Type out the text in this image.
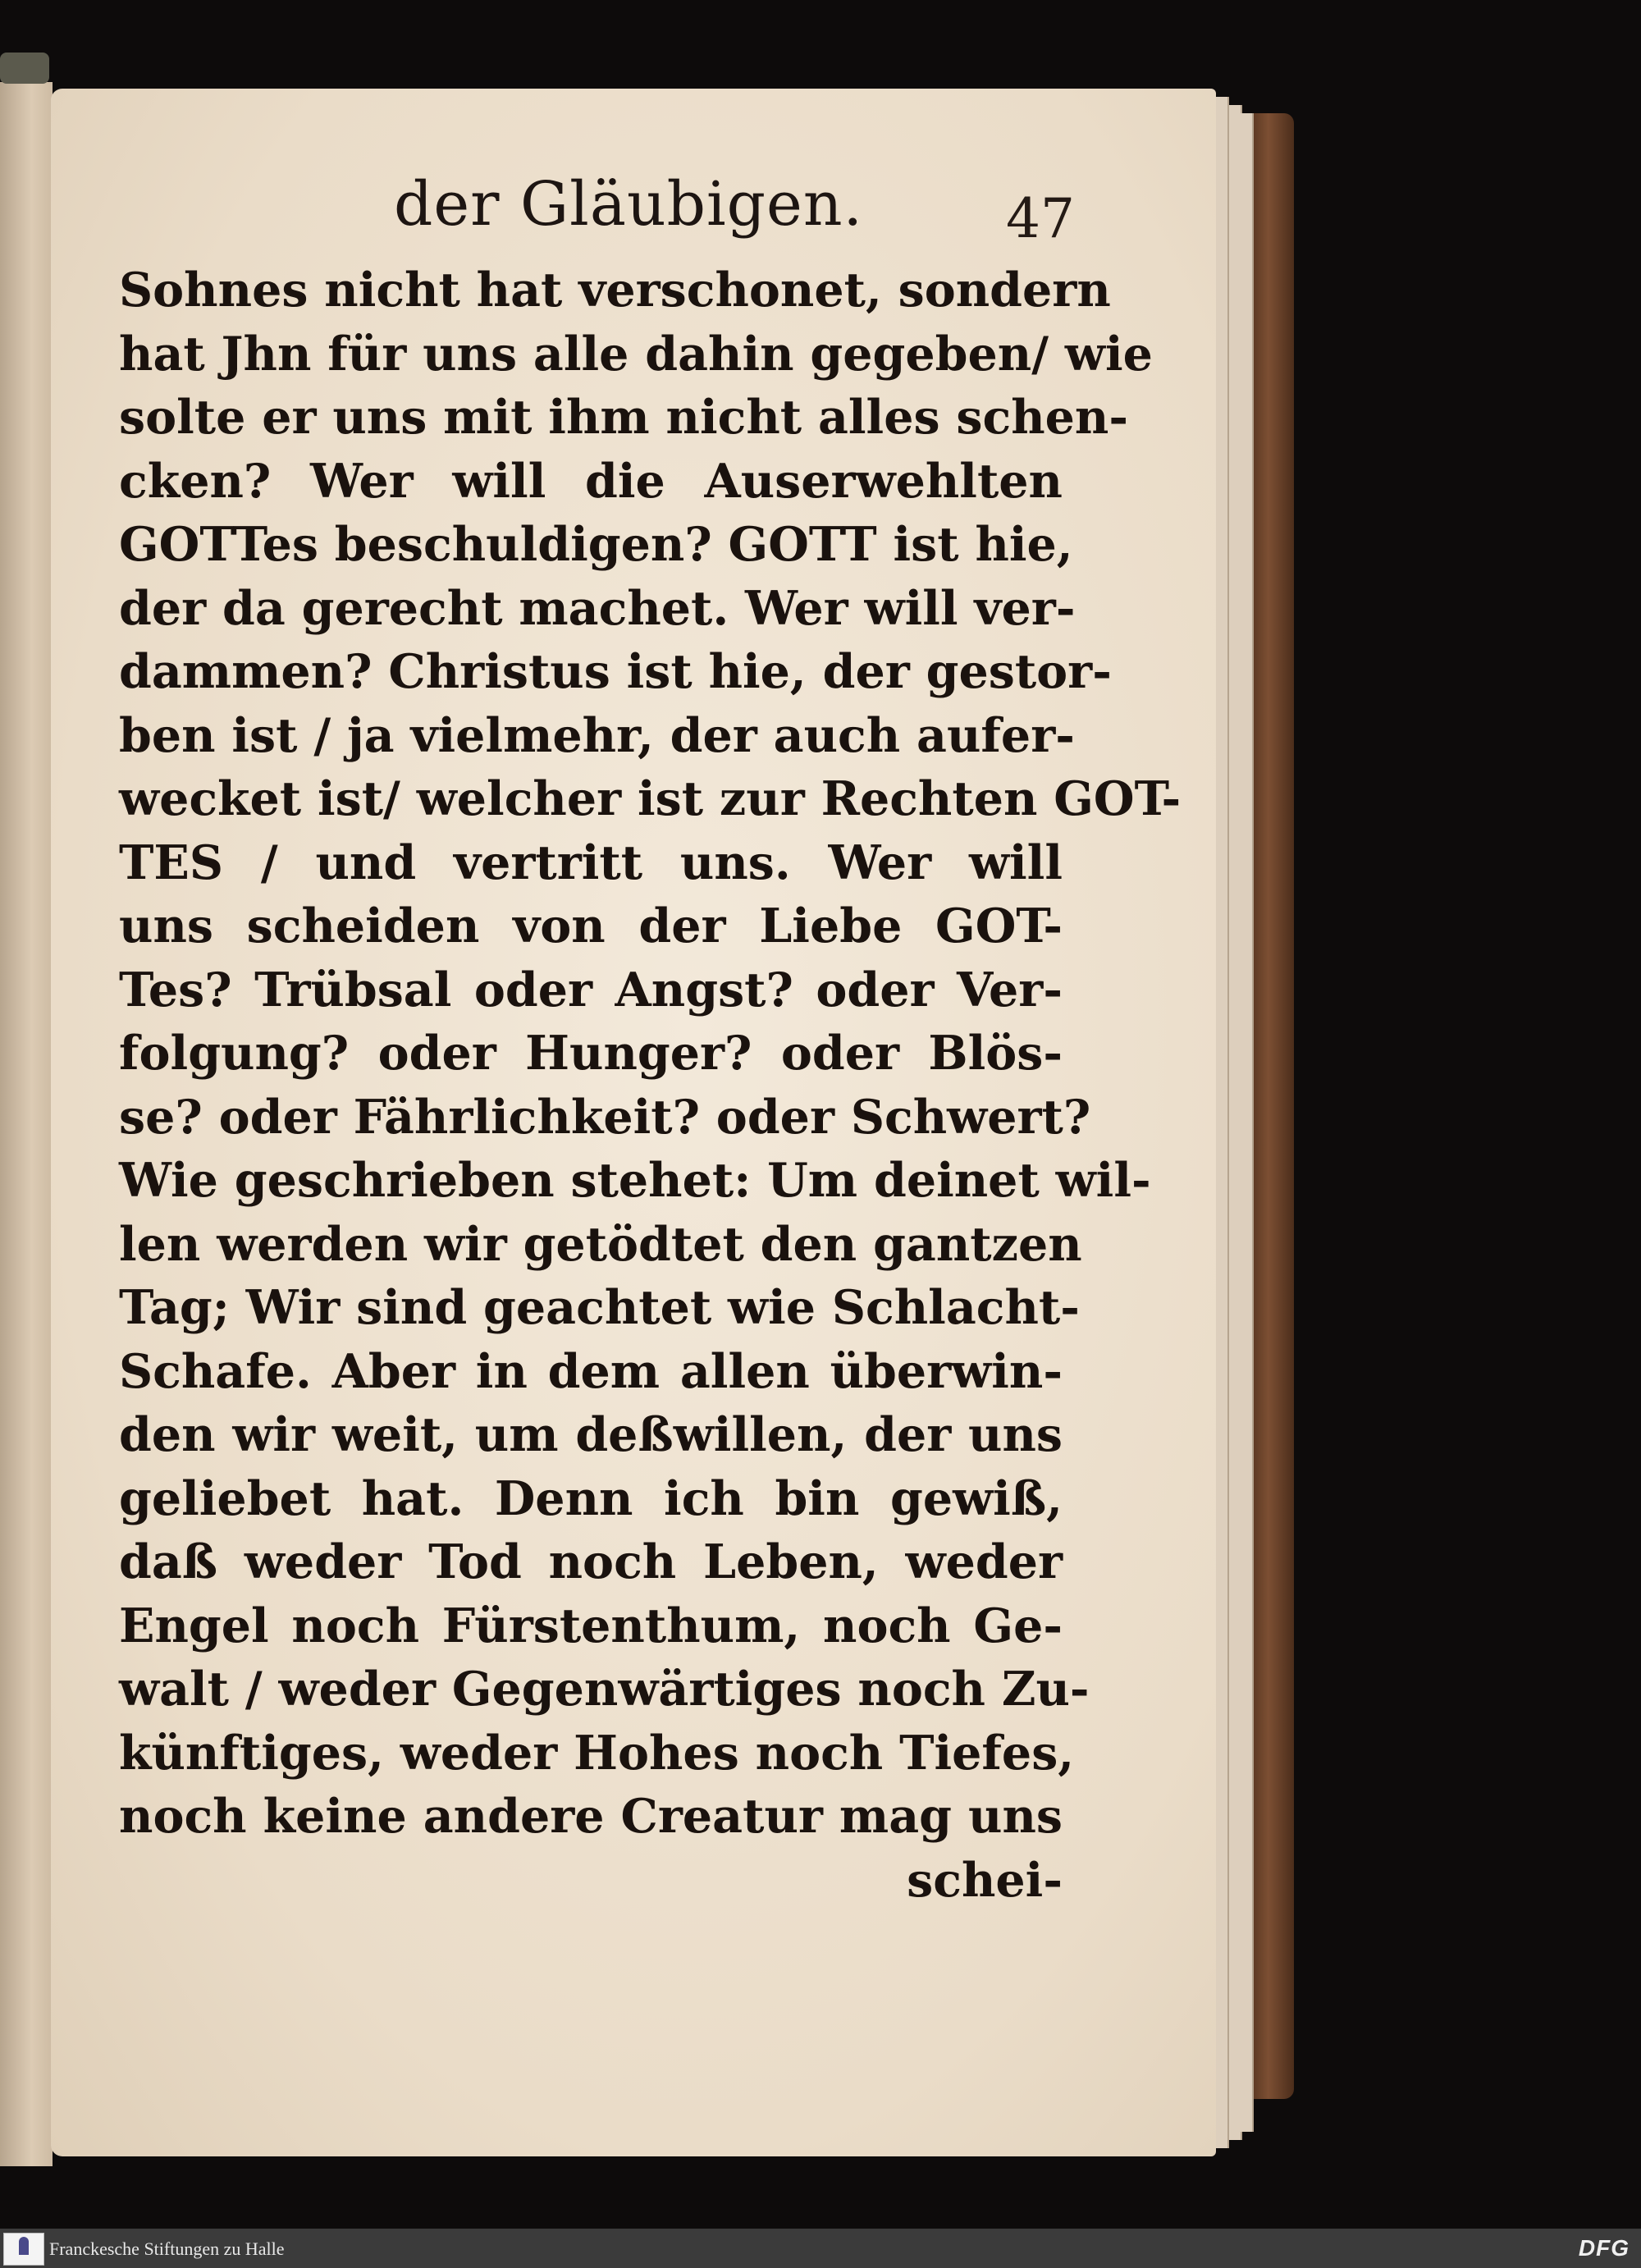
der Gläubigen.	47
Sohnes nicht hat verschonet, sondern
hat Jhn für uns alle dahin gegeben/ wie
solte er uns mit ihm nicht alles schen-
cken? Wer will die Auserwehlten
GOTTes beschuldigen? GOTT ist hie,
der da gerecht machet. Wer will ver-
dammen? Christus ist hie, der gestor-
ben ist / ja vielmehr, der auch aufer-
wecket ist/ welcher ist zur Rechten GOT-
TES / und vertritt uns. Wer will
uns scheiden von der Liebe GOT-
Tes? Trübsal oder Angst? oder Ver-
folgung? oder Hunger? oder Blös-
se? oder Fährlichkeit? oder Schwert?
Wie geschrieben stehet: Um deinet wil-
len werden wir getödtet den gantzen
Tag; Wir sind geachtet wie Schlacht-
Schafe. Aber in dem allen überwin-
den wir weit, um deßwillen, der uns
geliebet hat. Denn ich bin gewiß,
daß weder Tod noch Leben, weder
Engel noch Fürstenthum, noch Ge-
walt / weder Gegenwärtiges noch Zu-
künftiges, weder Hohes noch Tiefes,
noch keine andere Creatur mag uns
schei-
Franckesche Stiftungen zu Halle	DFG
